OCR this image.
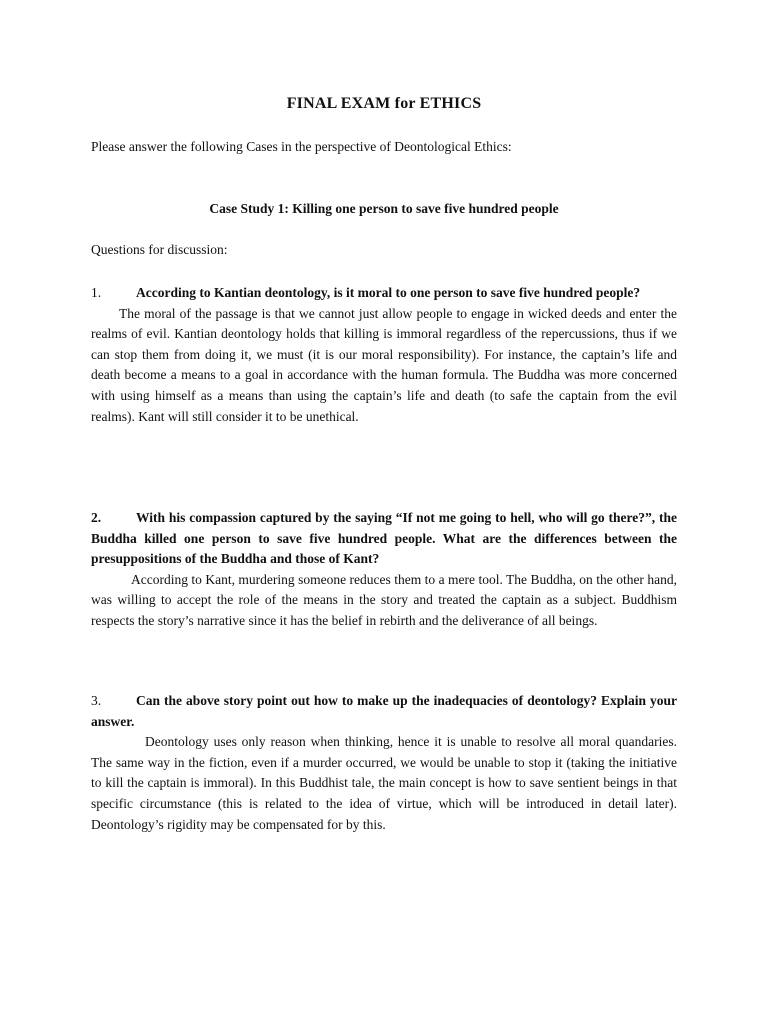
FINAL EXAM for ETHICS
Please answer the following Cases in the perspective of Deontological Ethics:
Case Study 1: Killing one person to save five hundred people
Questions for discussion:
1.	According to Kantian deontology, is it moral to one person to save five hundred people?
The moral of the passage is that we cannot just allow people to engage in wicked deeds and enter the realms of evil. Kantian deontology holds that killing is immoral regardless of the repercussions, thus if we can stop them from doing it, we must (it is our moral responsibility). For instance, the captain’s life and death become a means to a goal in accordance with the human formula. The Buddha was more concerned with using himself as a means than using the captain’s life and death (to safe the captain from the evil realms). Kant will still consider it to be unethical.
2.	With his compassion captured by the saying “If not me going to hell, who will go there?”, the Buddha killed one person to save five hundred people. What are the differences between the presuppositions of the Buddha and those of Kant?
According to Kant, murdering someone reduces them to a mere tool. The Buddha, on the other hand, was willing to accept the role of the means in the story and treated the captain as a subject. Buddhism respects the story’s narrative since it has the belief in rebirth and the deliverance of all beings.
3.	Can the above story point out how to make up the inadequacies of deontology? Explain your answer.
Deontology uses only reason when thinking, hence it is unable to resolve all moral quandaries. The same way in the fiction, even if a murder occurred, we would be unable to stop it (taking the initiative to kill the captain is immoral). In this Buddhist tale, the main concept is how to save sentient beings in that specific circumstance (this is related to the idea of virtue, which will be introduced in detail later). Deontology’s rigidity may be compensated for by this.
